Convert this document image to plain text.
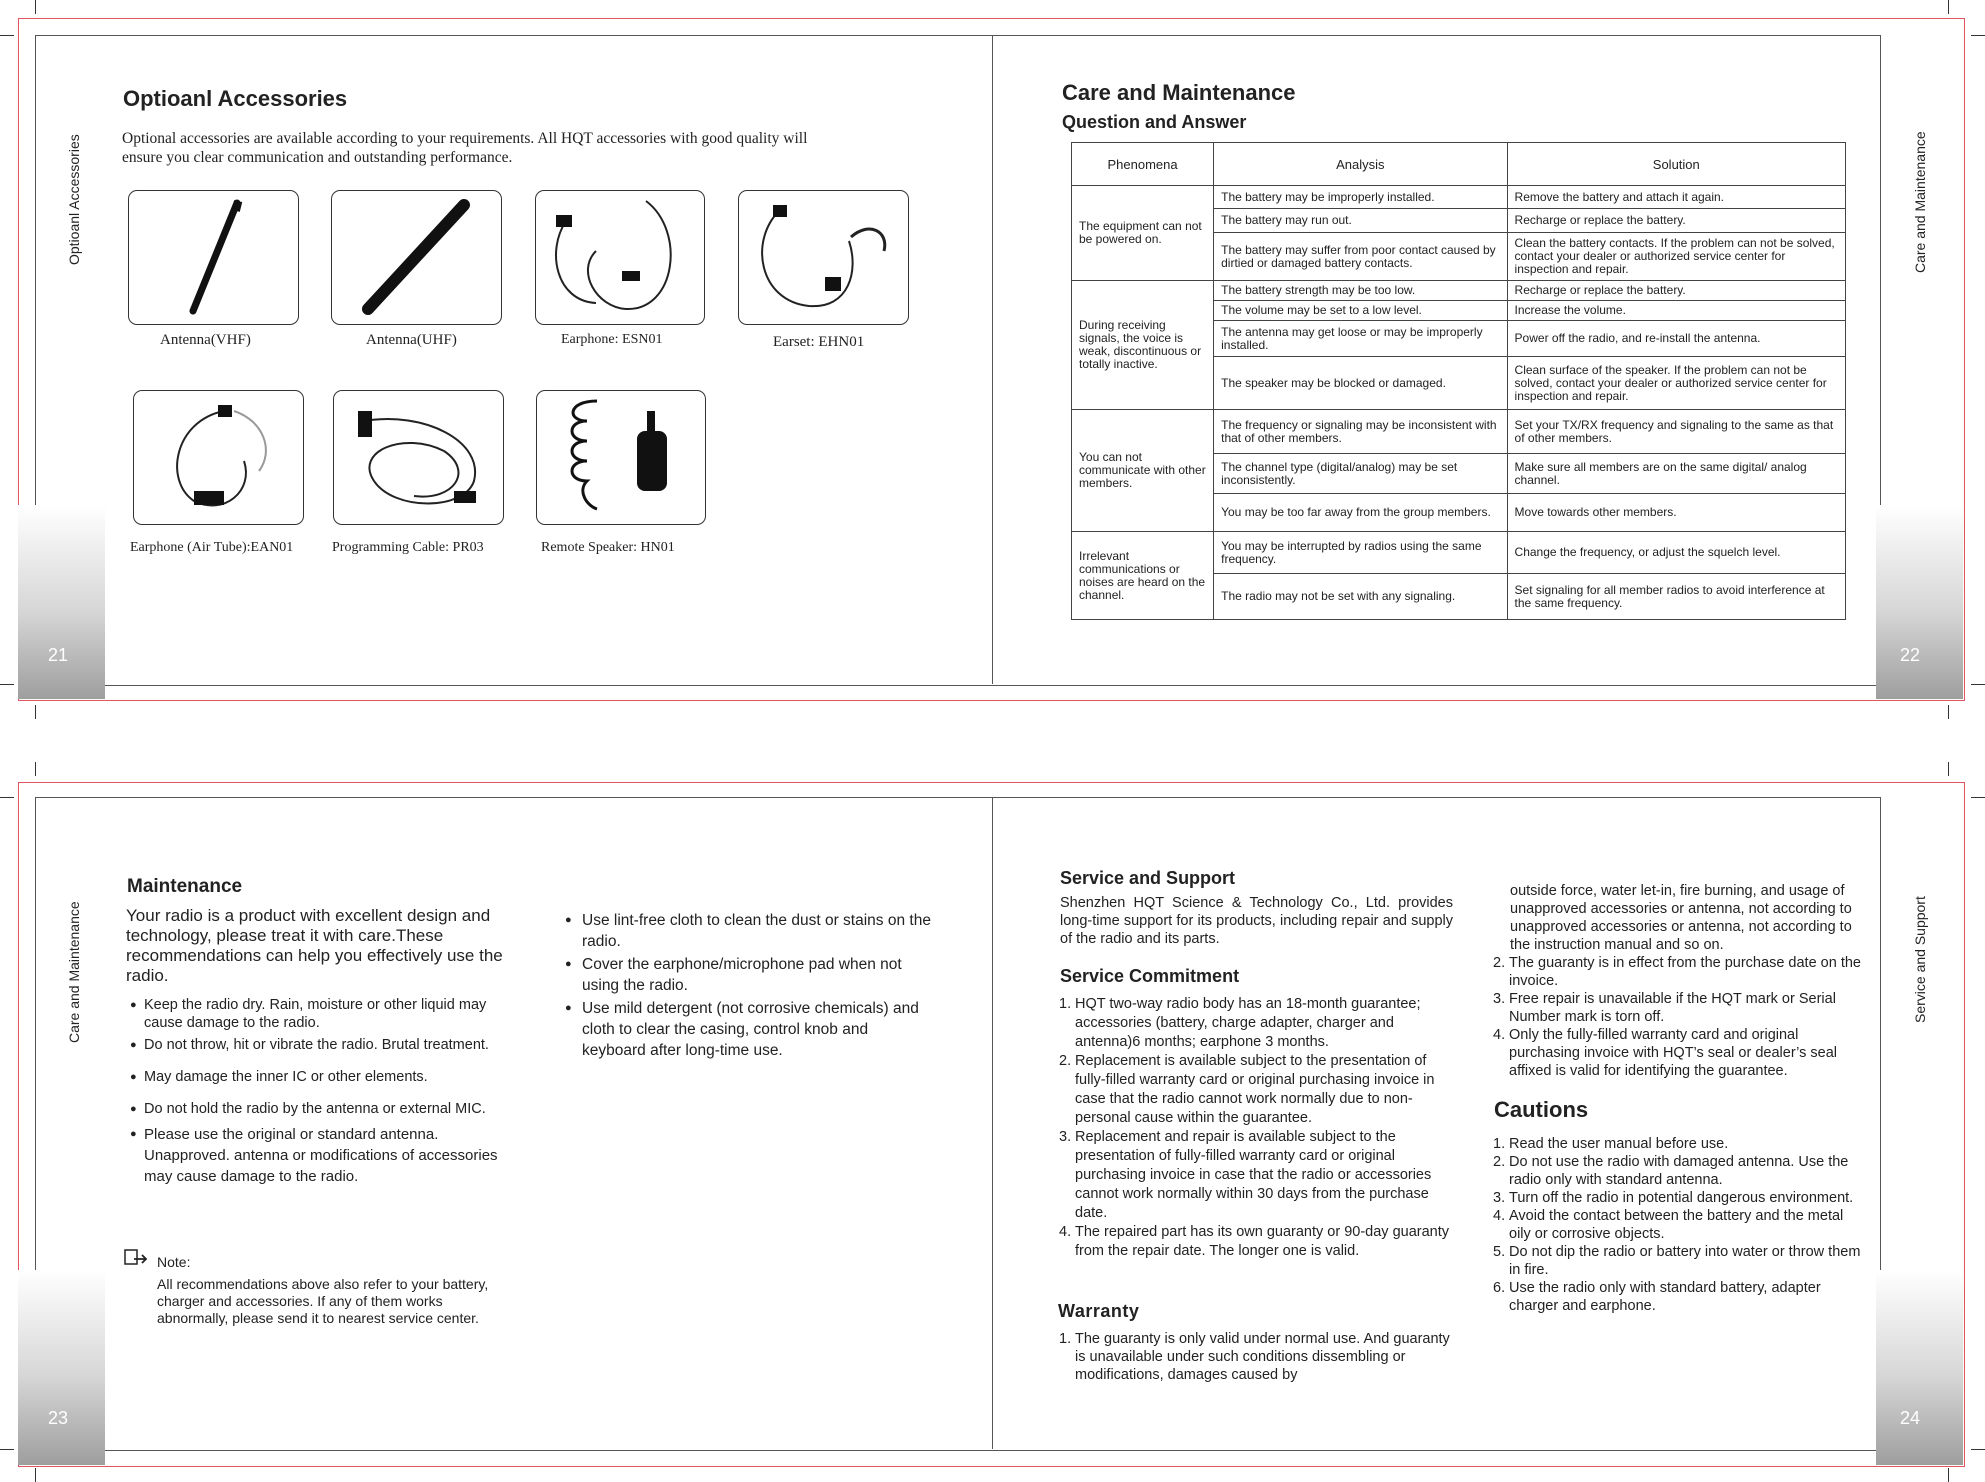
21	22
23	24
Optioanl Accessories	Care and Maintenance
Care and Maintenance	Service and Support
Optioanl Accessories
Optional accessories are available according to your requirements. All HQT accessories with good quality will
ensure you clear communication and outstanding performance.
Antenna(VHF)	Antenna(UHF)	Earphone: ESN01	Earset: EHN01
Earphone (Air Tube):EAN01	Programming Cable: PR03	Remote Speaker: HN01
Care and Maintenance
Question and Answer
Phenomena	Analysis	Solution
The equipment can not be powered on.	The battery may be improperly installed.	Remove the battery and attach it again.
	The battery may run out.	Recharge or replace the battery.
	The battery may suffer from poor contact caused by dirtied or damaged battery contacts.	Clean the battery contacts. If the problem can not be solved, contact your dealer or authorized service center for inspection and repair.
During receiving signals, the voice is weak, discontinuous or totally inactive.	The battery strength may be too low.	Recharge or replace the battery.
	The volume may be set to a low level.	Increase the volume.
	The antenna may get loose or may be improperly installed.	Power off the radio, and re-install the antenna.
	The speaker may be blocked or damaged.	Clean surface of the speaker. If the problem can not be solved, contact your dealer or authorized service center for inspection and repair.
You can not communicate with other members.	The frequency or signaling may be inconsistent with that of other members.	Set your TX/RX frequency and signaling to the same as that of other members.
	The channel type (digital/analog) may be set inconsistently.	Make sure all members are on the same digital/ analog channel.
	You may be too far away from the group members.	Move towards other members.
Irrelevant communications or noises are heard on the channel.	You may be interrupted by radios using the same frequency.	Change the frequency, or adjust the squelch level.
	The radio may not be set with any signaling.	Set signaling for all member radios to avoid interference at the same frequency.
Maintenance
Your radio is a product with excellent design and technology, please treat it with care.These recommendations can help you effectively use the radio.

● Keep the radio dry. Rain, moisture or other liquid may cause damage to the radio.

● Do not throw, hit or vibrate the radio. Brutal treatment.

● May damage the inner IC or other elements.

● Do not hold the radio by the antenna or external MIC.

● Please use the original or standard antenna. Unapproved. antenna or modifications of accessories may cause damage to the radio.

Note:
All recommendations above also refer to your battery, charger and accessories. If any of them works abnormally, please send it to nearest service center.

● Use lint-free cloth to clean the dust or stains on the radio.

● Cover the earphone/microphone pad when not using the radio.

● Use mild detergent (not corrosive chemicals) and cloth to clear the casing, control knob and keyboard after long-time use.

Service and Support
Shenzhen HQT Science & Technology Co., Ltd. provides long-time support for its products, including repair and supply of the radio and its parts.
Service Commitment
1. HQT two-way radio body has an 18-month guarantee; accessories (battery, charge adapter, charger and antenna)6 months; earphone 3 months.
2. Replacement is available subject to the presentation of fully-filled warranty card or original purchasing invoice in case that the radio cannot work normally due to non-personal cause within the guarantee.
3. Replacement and repair is available subject to the presentation of fully-filled warranty card or original purchasing invoice in case that the radio or accessories cannot work normally within 30 days from the purchase date.
4. The repaired part has its own guaranty or 90-day guaranty from the repair date. The longer one is valid.
Warranty
1. The guaranty is only valid under normal use. And guaranty is unavailable under such conditions dissembling or modifications, damages caused by

outside force, water let-in, fire burning, and usage of unapproved accessories or antenna, not according to unapproved accessories or antenna, not according to the instruction manual and so on.

2. The guaranty is in effect from the purchase date on the invoice.
3. Free repair is unavailable if the HQT mark or Serial Number mark is torn off.
4. Only the fully-filled warranty card and original purchasing invoice with HQT’s seal or dealer’s seal affixed is valid for identifying the guarantee.
Cautions
1. Read the user manual before use.
2. Do not use the radio with damaged antenna. Use the radio only with standard antenna.
3. Turn off the radio in potential dangerous environment.
4. Avoid the contact between the battery and the metal oily or corrosive objects.
5. Do not dip the radio or battery into water or throw them in fire.
6. Use the radio only with standard battery, adapter charger and earphone.
